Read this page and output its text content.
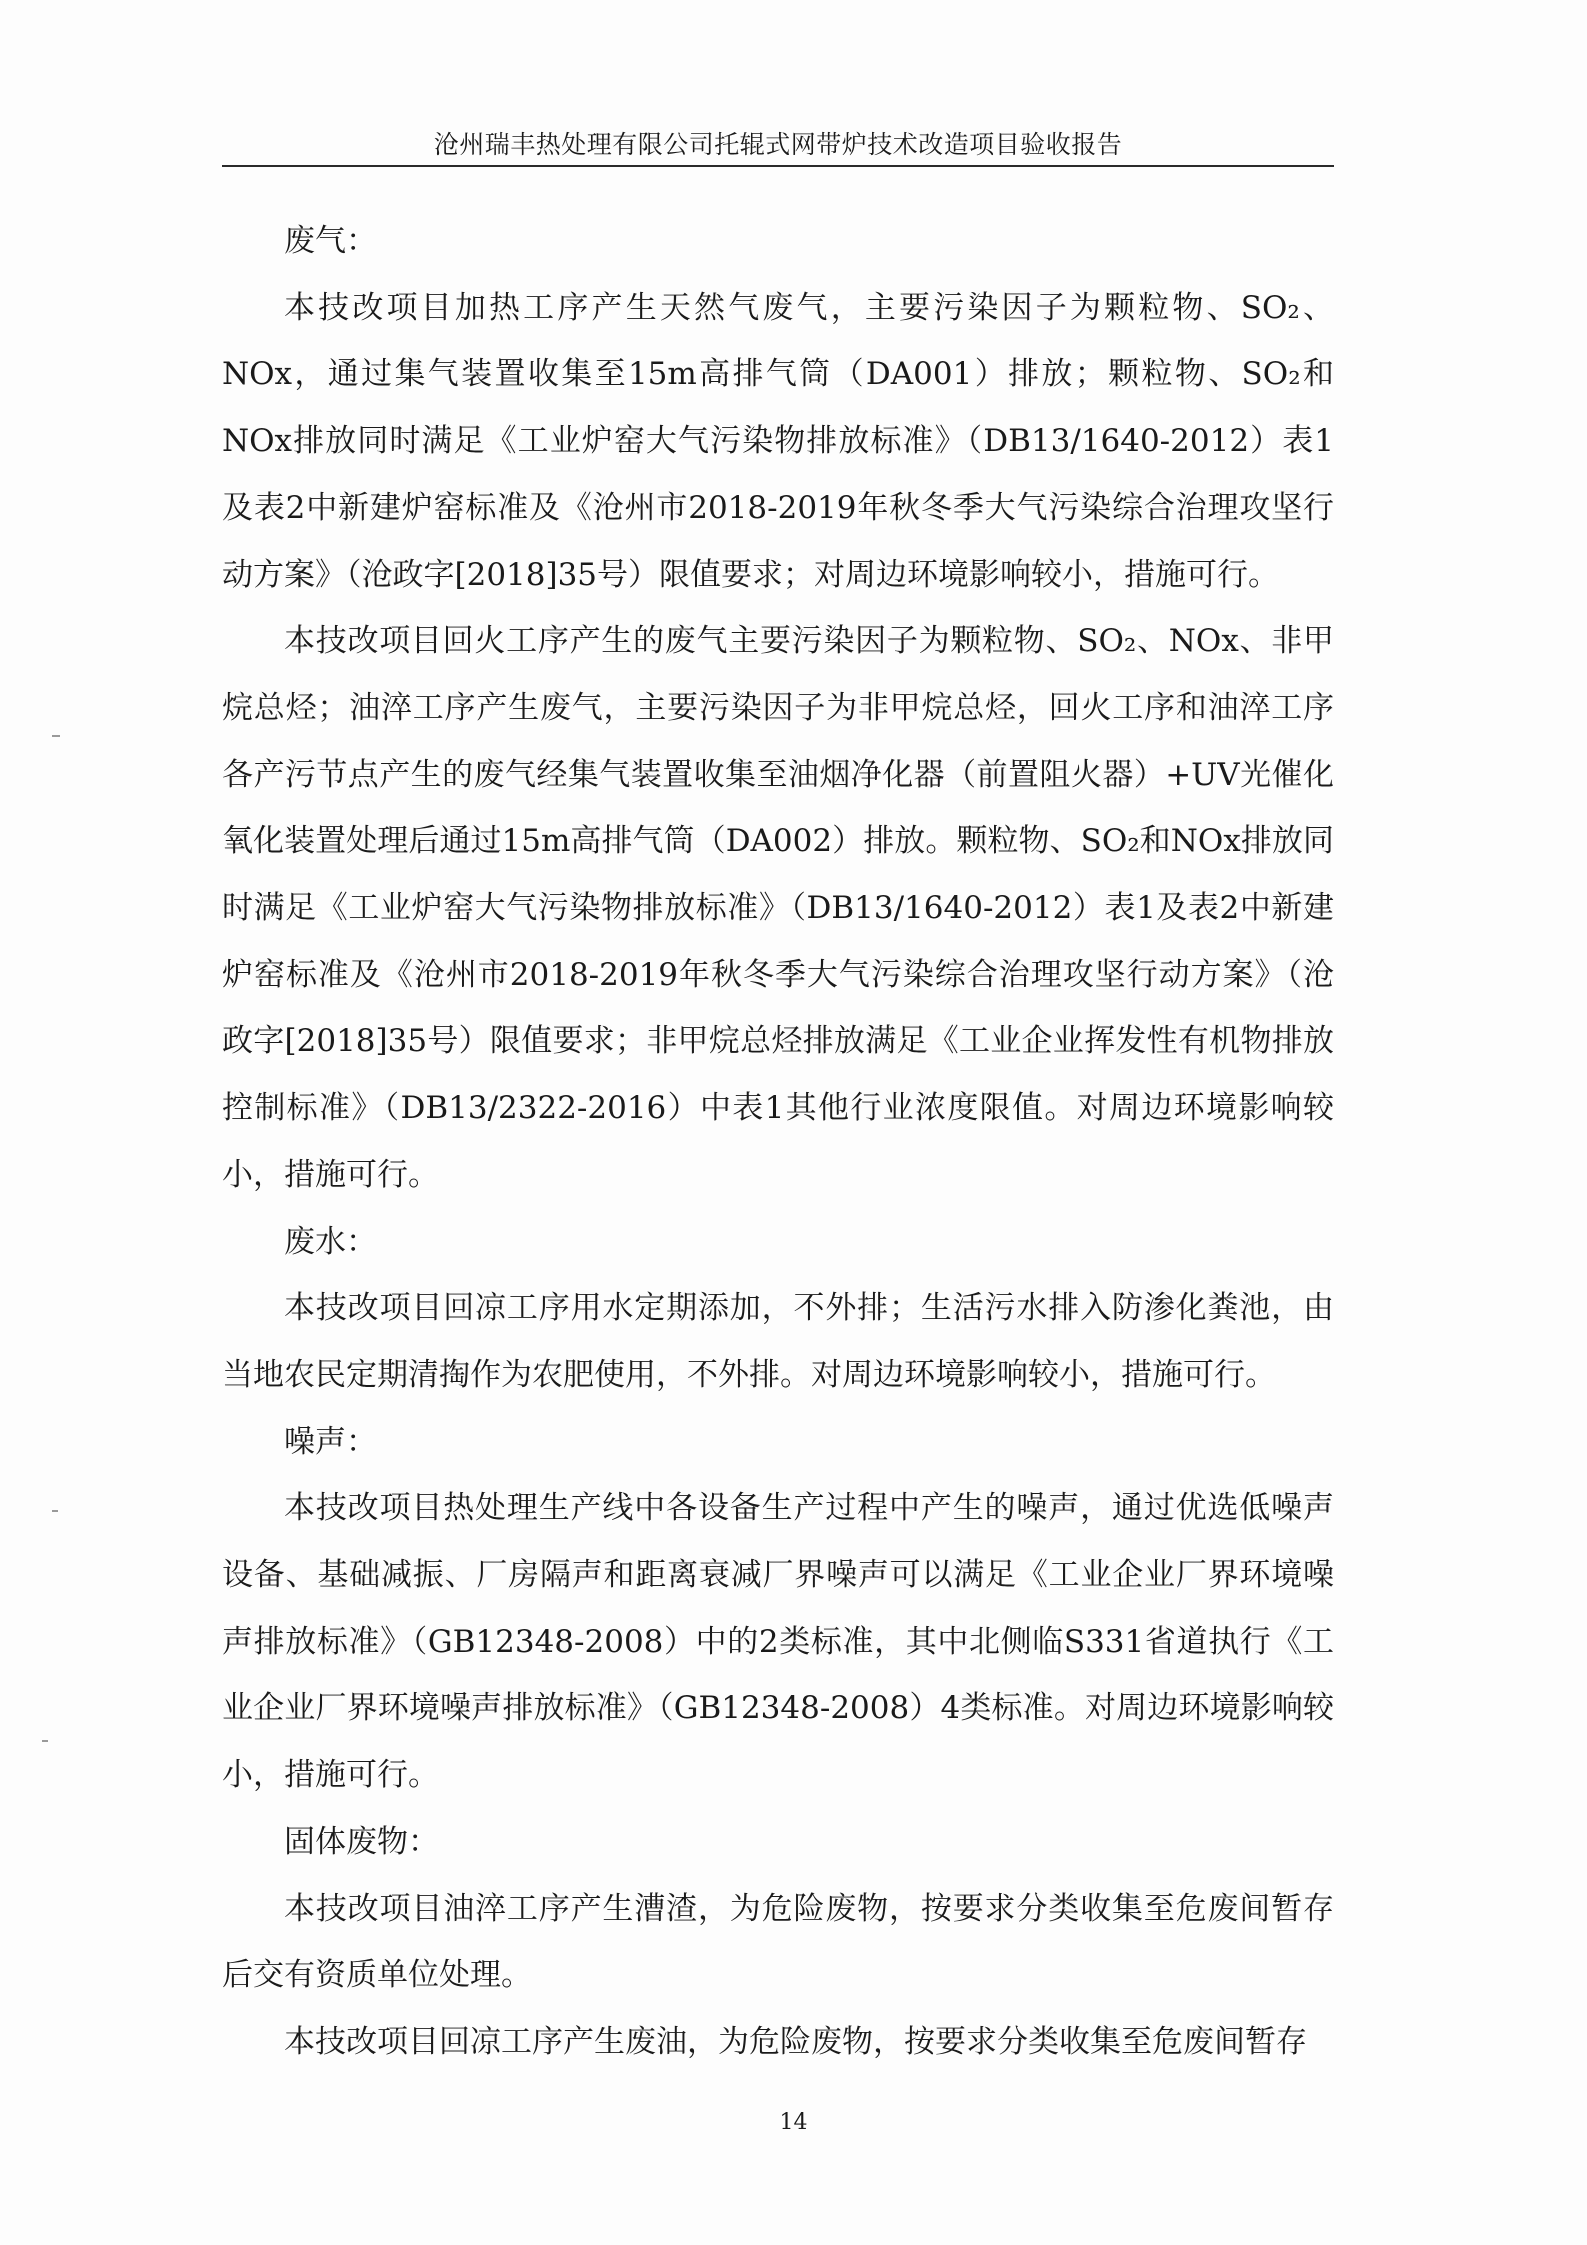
沧州瑞丰热处理有限公司托辊式网带炉技术改造项目验收报告

废气：

本技改项目加热工序产生天然气废气，主要污染因子为颗粒物、SO₂、NOx，通过集气装置收集至15m高排气筒（DA001）排放；颗粒物、SO₂和NOx排放同时满足《工业炉窑大气污染物排放标准》（DB13/1640-2012）表1及表2中新建炉窑标准及《沧州市2018-2019年秋冬季大气污染综合治理攻坚行动方案》（沧政字[2018]35号）限值要求；对周边环境影响较小，措施可行。

本技改项目回火工序产生的废气主要污染因子为颗粒物、SO₂、NOx、非甲烷总烃；油淬工序产生废气，主要污染因子为非甲烷总烃，回火工序和油淬工序各产污节点产生的废气经集气装置收集至油烟净化器（前置阻火器）+UV光催化氧化装置处理后通过15m高排气筒（DA002）排放。颗粒物、SO₂和NOx排放同时满足《工业炉窑大气污染物排放标准》（DB13/1640-2012）表1及表2中新建炉窑标准及《沧州市2018-2019年秋冬季大气污染综合治理攻坚行动方案》（沧政字[2018]35号）限值要求；非甲烷总烃排放满足《工业企业挥发性有机物排放控制标准》（DB13/2322-2016）中表1其他行业浓度限值。对周边环境影响较小，措施可行。

废水：

本技改项目回凉工序用水定期添加，不外排；生活污水排入防渗化粪池，由当地农民定期清掏作为农肥使用，不外排。对周边环境影响较小，措施可行。

噪声：

本技改项目热处理生产线中各设备生产过程中产生的噪声，通过优选低噪声设备、基础减振、厂房隔声和距离衰减厂界噪声可以满足《工业企业厂界环境噪声排放标准》（GB12348-2008）中的2类标准，其中北侧临S331省道执行《工业企业厂界环境噪声排放标准》（GB12348-2008）4类标准。对周边环境影响较小，措施可行。

固体废物：

本技改项目油淬工序产生漕渣，为危险废物，按要求分类收集至危废间暂存后交有资质单位处理。

本技改项目回凉工序产生废油，为危险废物，按要求分类收集至危废间暂存

14
